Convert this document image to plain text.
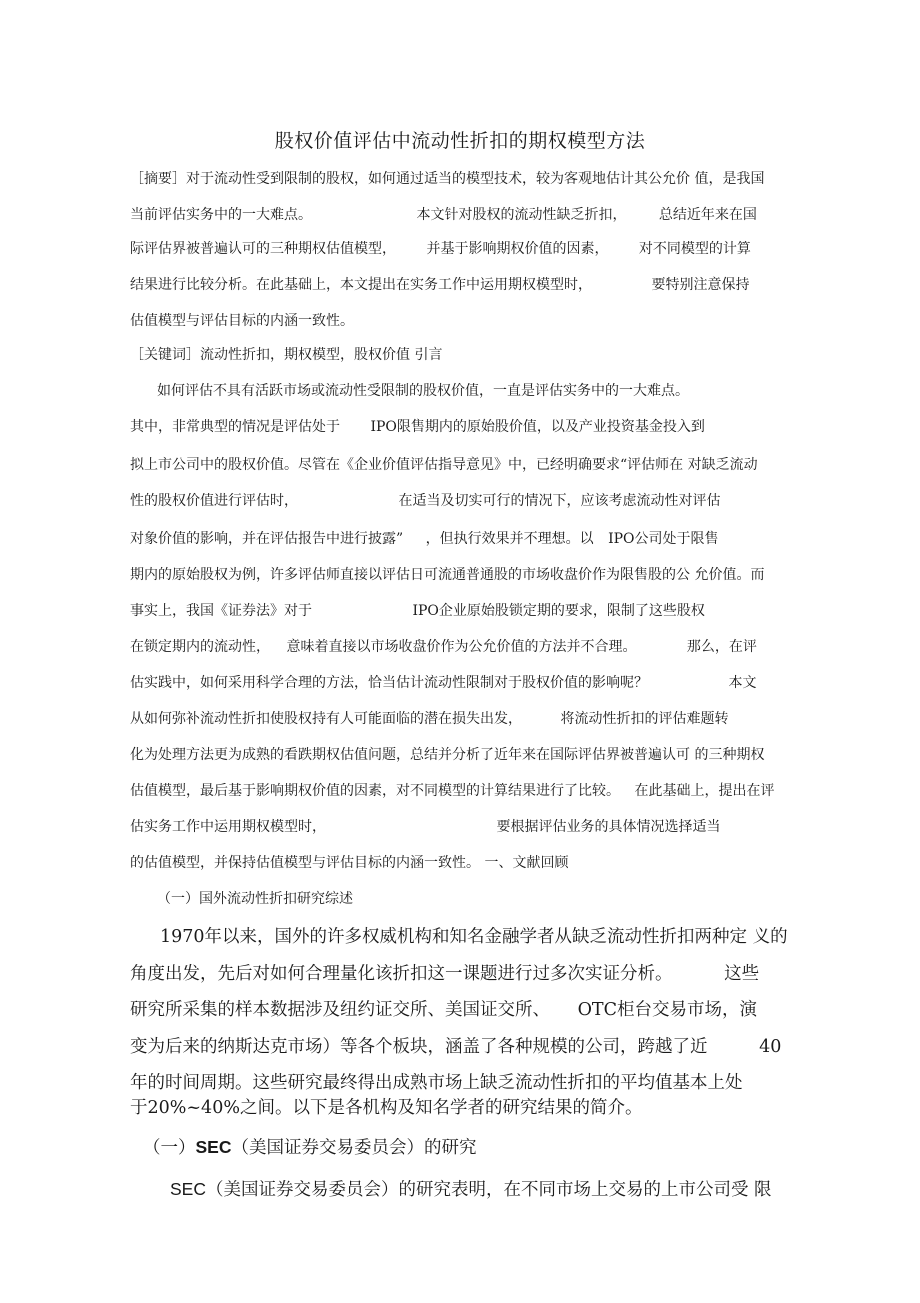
股权价值评估中流动性折扣的期权模型方法
［摘要］对于流动性受到限制的股权，如何通过适当的模型技术，较为客观地估计其公允价 值，是我国
当前评估实务中的一大难点。	本文针对股权的流动性缺乏折扣， 总结近年来在国
际评估界被普遍认可的三种期权估值模型， 并基于影响期权价值的因素， 对不同模型的计算
结果进行比较分析。在此基础上，本文提出在实务工作中运用期权模型时，	要特别注意保持
估值模型与评估目标的内涵一致性。
［关键词］流动性折扣，期权模型，股权价值 引言
如何评估不具有活跃市场或流动性受限制的股权价值，一直是评估实务中的一大难点。
其中，非常典型的情况是评估处于 IPO限售期内的原始股价值，以及产业投资基金投入到
拟上市公司中的股权价值。尽管在《企业价值评估指导意见》中，已经明确要求“评估师在 对缺乏流动
性的股权价值进行评估时，	在适当及切实可行的情况下，应该考虑流动性对评估
对象价值的影响，并在评估报告中进行披露” ，但执行效果并不理想。以 IPO公司处于限售
期内的原始股权为例，许多评估师直接以评估日可流通普通股的市场收盘价作为限售股的公 允价值。而
事实上，我国《证券法》对于	IPO企业原始股锁定期的要求，限制了这些股权
在锁定期内的流动性， 意味着直接以市场收盘价作为公允价值的方法并不合理。	那么，在评
估实践中，如何采用科学合理的方法，恰当估计流动性限制对于股权价值的影响呢？	本文
从如何弥补流动性折扣使股权持有人可能面临的潜在损失出发，	将流动性折扣的评估难题转
化为处理方法更为成熟的看跌期权估值问题，总结并分析了近年来在国际评估界被普遍认可 的三种期权
估值模型，最后基于影响期权价值的因素，对不同模型的计算结果进行了比较。 在此基础上，提出在评
估实务工作中运用期权模型时，	要根据评估业务的具体情况选择适当
的估值模型，并保持估值模型与评估目标的内涵一致性。 一、文献回顾
（一）国外流动性折扣研究综述
1970年以来，国外的许多权威机构和知名金融学者从缺乏流动性折扣两种定 义的
角度出发，先后对如何合理量化该折扣这一课题进行过多次实证分析。	这些
研究所采集的样本数据涉及纽约证交所、美国证交所、 OTC柜台交易市场，演
变为后来的纳斯达克市场）等各个板块，涵盖了各种规模的公司，跨越了近	40
年的时间周期。这些研究最终得出成熟市场上缺乏流动性折扣的平均值基本上处
于20%~40%之间。以下是各机构及知名学者的研究结果的简介。
（一）SEC（美国证券交易委员会）的研究
SEC（美国证券交易委员会）的研究表明，在不同市场上交易的上市公司受 限
